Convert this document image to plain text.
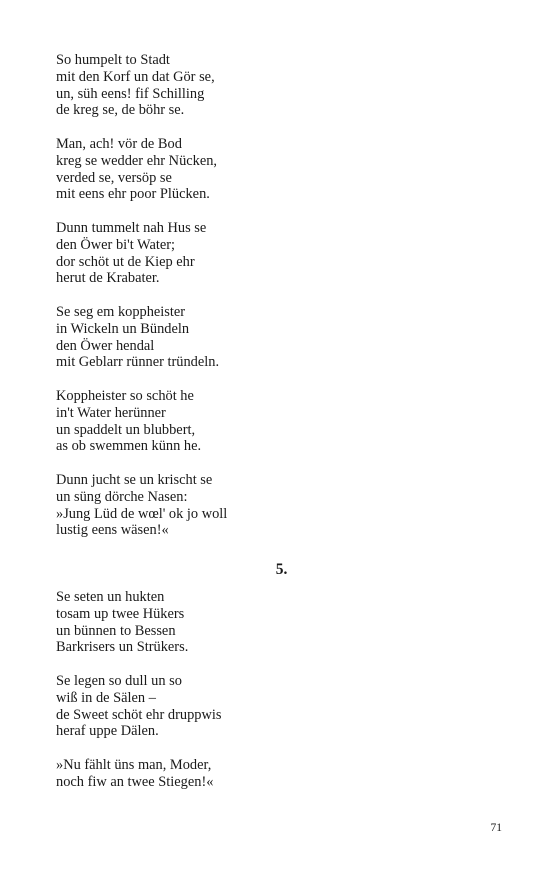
So humpelt to Stadt
mit den Korf un dat Gör se,
un, süh eens! fif Schilling
de kreg se, de böhr se.
Man, ach! vör de Bod
kreg se wedder ehr Nücken,
verded se, versöp se
mit eens ehr poor Plücken.
Dunn tummelt nah Hus se
den Öwer bi't Water;
dor schöt ut de Kiep ehr
herut de Krabater.
Se seg em koppheister
in Wickeln un Bündeln
den Öwer hendal
mit Geblarr rünner tründeln.
Koppheister so schöt he
in't Water herünner
un spaddelt un blubbert,
as ob swemmen künn he.
Dunn jucht se un krischt se
un süng dörche Nasen:
»Jung Lüd de wœl' ok jo woll
lustig eens wäsen!«
5.
Se seten un hukten
tosam up twee Hükers
un bünnen to Bessen
Barkrisers un Strükers.
Se legen so dull un so
wiß in de Sälen –
de Sweet schöt ehr druppwis
heraf uppe Dälen.
»Nu fählt üns man, Moder,
noch fiw an twee Stiegen!«
71
